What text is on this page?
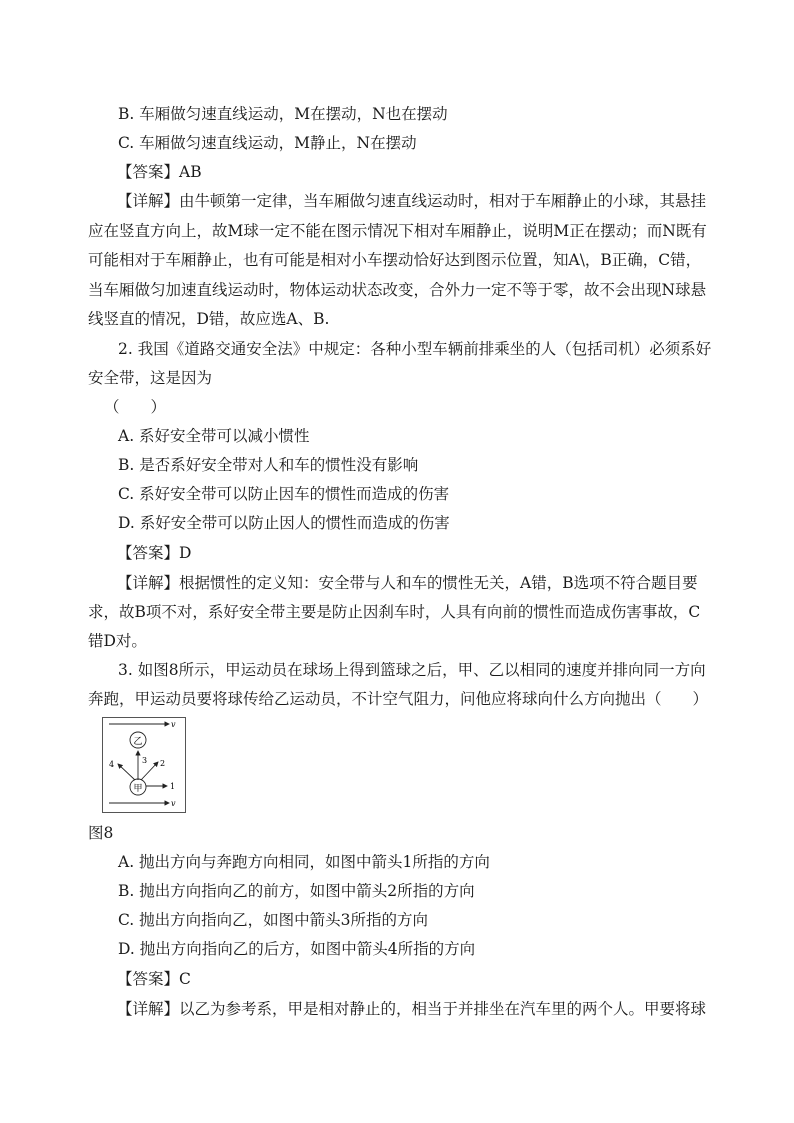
B. 车厢做匀速直线运动，M在摆动，N也在摆动
C. 车厢做匀速直线运动，M静止，N在摆动
【答案】AB
【详解】由牛顿第一定律，当车厢做匀速直线运动时，相对于车厢静止的小球，其悬挂
应在竖直方向上，故M球一定不能在图示情况下相对车厢静止，说明M正在摆动；而N既有
可能相对于车厢静止，也有可能是相对小车摆动恰好达到图示位置，知A\，B正确，C错，
当车厢做匀加速直线运动时，物体运动状态改变，合外力一定不等于零，故不会出现N球悬
线竖直的情况，D错，故应选A、B.
2. 我国《道路交通安全法》中规定：各种小型车辆前排乘坐的人（包括司机）必须系好
安全带，这是因为
（　　）
A. 系好安全带可以减小惯性
B. 是否系好安全带对人和车的惯性没有影响
C. 系好安全带可以防止因车的惯性而造成的伤害
D. 系好安全带可以防止因人的惯性而造成的伤害
【答案】D
【详解】根据惯性的定义知：安全带与人和车的惯性无关，A错，B选项不符合题目要
求，故B项不对，系好安全带主要是防止因刹车时，人具有向前的惯性而造成伤害事故，C
错D对。
3. 如图8所示，甲运动员在球场上得到篮球之后，甲、乙以相同的速度并排向同一方向
奔跑，甲运动员要将球传给乙运动员，不计空气阻力，问他应将球向什么方向抛出（　　）
v
乙
3 2
4
1
甲
v
图8
A. 抛出方向与奔跑方向相同，如图中箭头1所指的方向
B. 抛出方向指向乙的前方，如图中箭头2所指的方向
C. 抛出方向指向乙，如图中箭头3所指的方向
D. 抛出方向指向乙的后方，如图中箭头4所指的方向
【答案】C
【详解】以乙为参考系，甲是相对静止的，相当于并排坐在汽车里的两个人。甲要将球
